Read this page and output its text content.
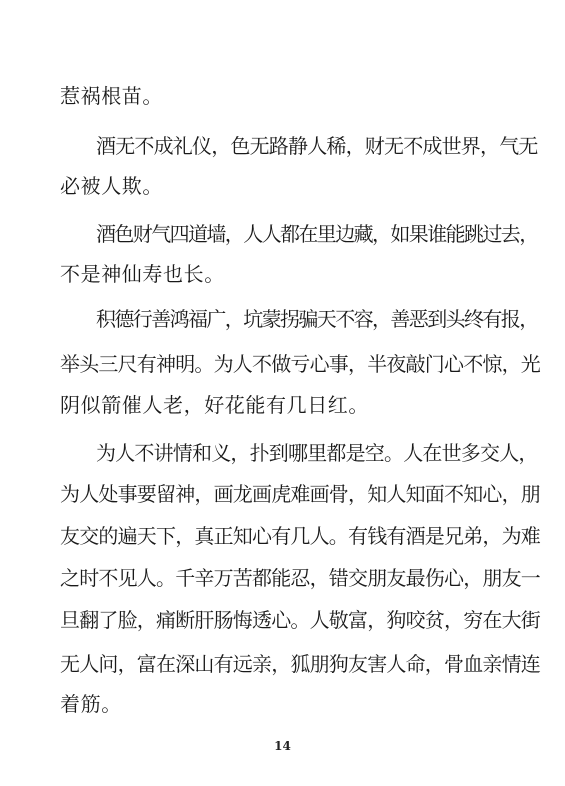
惹祸根苗。
酒无不成礼仪，色无路静人稀，财无不成世界，气无
必被人欺。
酒色财气四道墙，人人都在里边藏，如果谁能跳过去，
不是神仙寿也长。
积德行善鸿福广，坑蒙拐骗天不容，善恶到头终有报，
举头三尺有神明。为人不做亏心事，半夜敲门心不惊，光
阴似箭催人老，好花能有几日红。
为人不讲情和义，扑到哪里都是空。人在世多交人，
为人处事要留神，画龙画虎难画骨，知人知面不知心，朋
友交的遍天下，真正知心有几人。有钱有酒是兄弟，为难
之时不见人。千辛万苦都能忍，错交朋友最伤心，朋友一
旦翻了脸，痛断肝肠悔透心。人敬富，狗咬贫，穷在大街
无人问，富在深山有远亲，狐朋狗友害人命，骨血亲情连
着筋。
14
